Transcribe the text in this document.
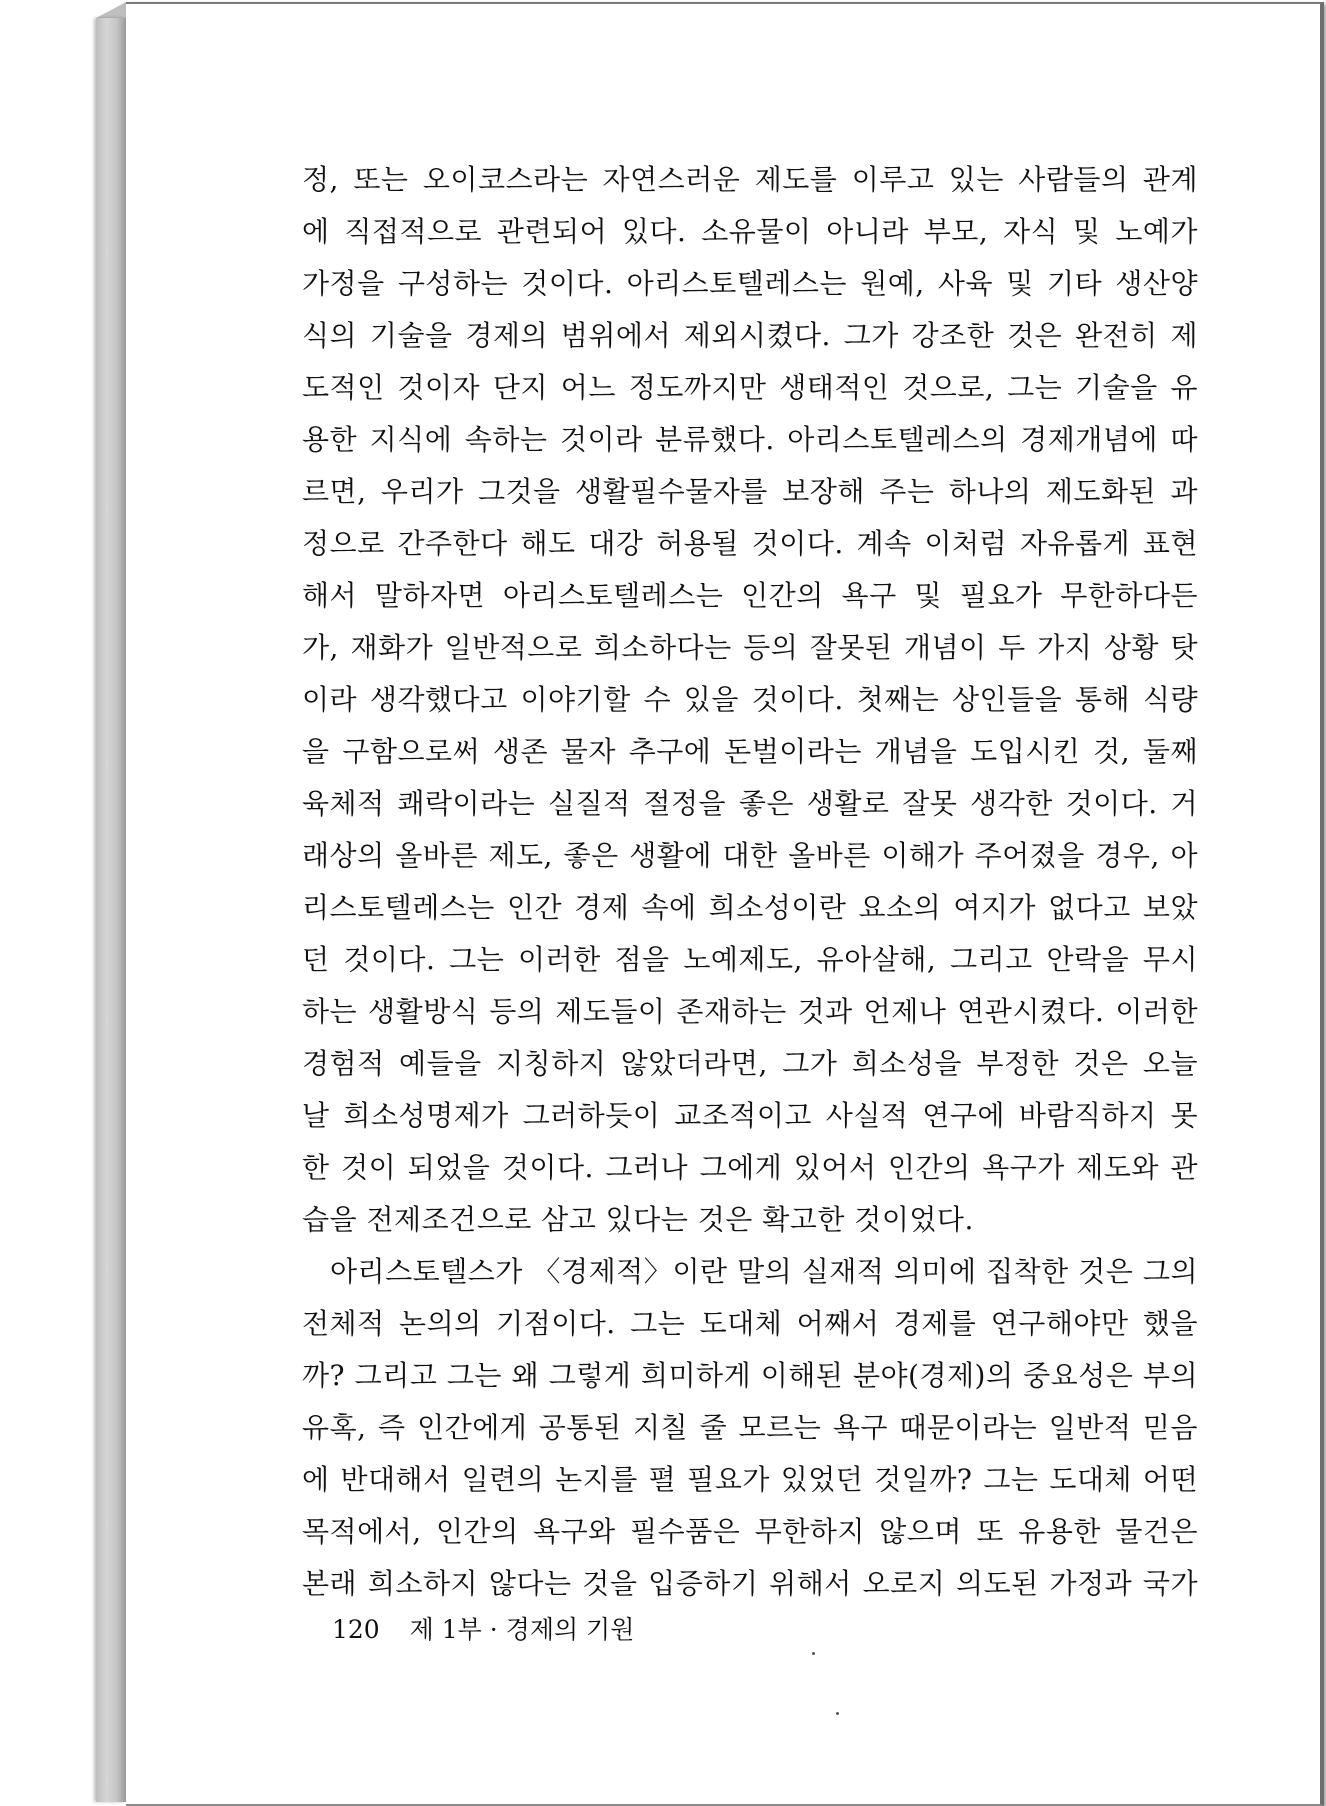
정, 또는 오이코스라는 자연스러운 제도를 이루고 있는 사람들의 관계
에 직접적으로 관련되어 있다. 소유물이 아니라 부모, 자식 및 노예가
가정을 구성하는 것이다. 아리스토텔레스는 원예, 사육 및 기타 생산양
식의 기술을 경제의 범위에서 제외시켰다. 그가 강조한 것은 완전히 제
도적인 것이자 단지 어느 정도까지만 생태적인 것으로, 그는 기술을 유
용한 지식에 속하는 것이라 분류했다. 아리스토텔레스의 경제개념에 따
르면, 우리가 그것을 생활필수물자를 보장해 주는 하나의 제도화된 과
정으로 간주한다 해도 대강 허용될 것이다. 계속 이처럼 자유롭게 표현
해서 말하자면 아리스토텔레스는 인간의 욕구 및 필요가 무한하다든
가, 재화가 일반적으로 희소하다는 등의 잘못된 개념이 두 가지 상황 탓
이라 생각했다고 이야기할 수 있을 것이다. 첫째는 상인들을 통해 식량
을 구함으로써 생존 물자 추구에 돈벌이라는 개념을 도입시킨 것, 둘째
육체적 쾌락이라는 실질적 절정을 좋은 생활로 잘못 생각한 것이다. 거
래상의 올바른 제도, 좋은 생활에 대한 올바른 이해가 주어졌을 경우, 아
리스토텔레스는 인간 경제 속에 희소성이란 요소의 여지가 없다고 보았
던 것이다. 그는 이러한 점을 노예제도, 유아살해, 그리고 안락을 무시
하는 생활방식 등의 제도들이 존재하는 것과 언제나 연관시켰다. 이러한
경험적 예들을 지칭하지 않았더라면, 그가 희소성을 부정한 것은 오늘
날 희소성명제가 그러하듯이 교조적이고 사실적 연구에 바람직하지 못
한 것이 되었을 것이다. 그러나 그에게 있어서 인간의 욕구가 제도와 관
습을 전제조건으로 삼고 있다는 것은 확고한 것이었다.
아리스토텔스가 〈경제적〉이란 말의 실재적 의미에 집착한 것은 그의
전체적 논의의 기점이다. 그는 도대체 어째서 경제를 연구해야만 했을
까? 그리고 그는 왜 그렇게 희미하게 이해된 분야(경제)의 중요성은 부의
유혹, 즉 인간에게 공통된 지칠 줄 모르는 욕구 때문이라는 일반적 믿음
에 반대해서 일련의 논지를 펼 필요가 있었던 것일까? 그는 도대체 어떤
목적에서, 인간의 욕구와 필수품은 무한하지 않으며 또 유용한 물건은
본래 희소하지 않다는 것을 입증하기 위해서 오로지 의도된 가정과 국가
120 제 1부 · 경제의 기원
